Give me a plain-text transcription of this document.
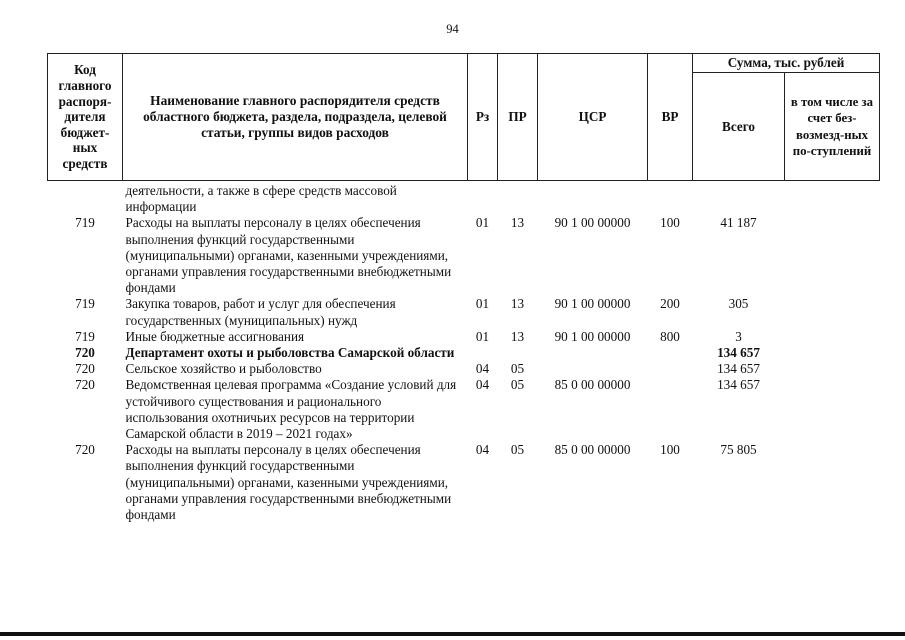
94
Код главного распоря-дителя бюджет-ных средств	Наименование главного распорядителя средств областного бюджета, раздела, подраздела, целевой статьи, группы видов расходов	Рз	ПР	ЦСР	ВР	Сумма, тыс. рублей	
						Всего	в том числе за счет без-возмезд-ных по-ступлений
	деятельности, а также в сфере средств массовой информации						
719	Расходы на выплаты персоналу в целях обеспечения выполнения функций государственными (муниципальными) органами, казенными учреждениями, органами управления государственными внебюджетными фондами	01	13	90 1 00 00000	100	41 187	
719	Закупка товаров, работ и услуг для обеспечения государственных (муниципальных) нужд	01	13	90 1 00 00000	200	305	
719	Иные бюджетные ассигнования	01	13	90 1 00 00000	800	3	
720	Департамент охоты и рыболовства Самарской области					134 657	
720	Сельское хозяйство и рыболовство	04	05			134 657	
720	Ведомственная целевая программа «Создание условий для устойчивого существования и рационального использования охотничьих ресурсов на территории Самарской области в 2019 – 2021 годах»	04	05	85 0 00 00000		134 657	
720	Расходы на выплаты персоналу в целях обеспечения выполнения функций государственными (муниципальными) органами, казенными учреждениями, органами управления государственными внебюджетными фондами	04	05	85 0 00 00000	100	75 805	
